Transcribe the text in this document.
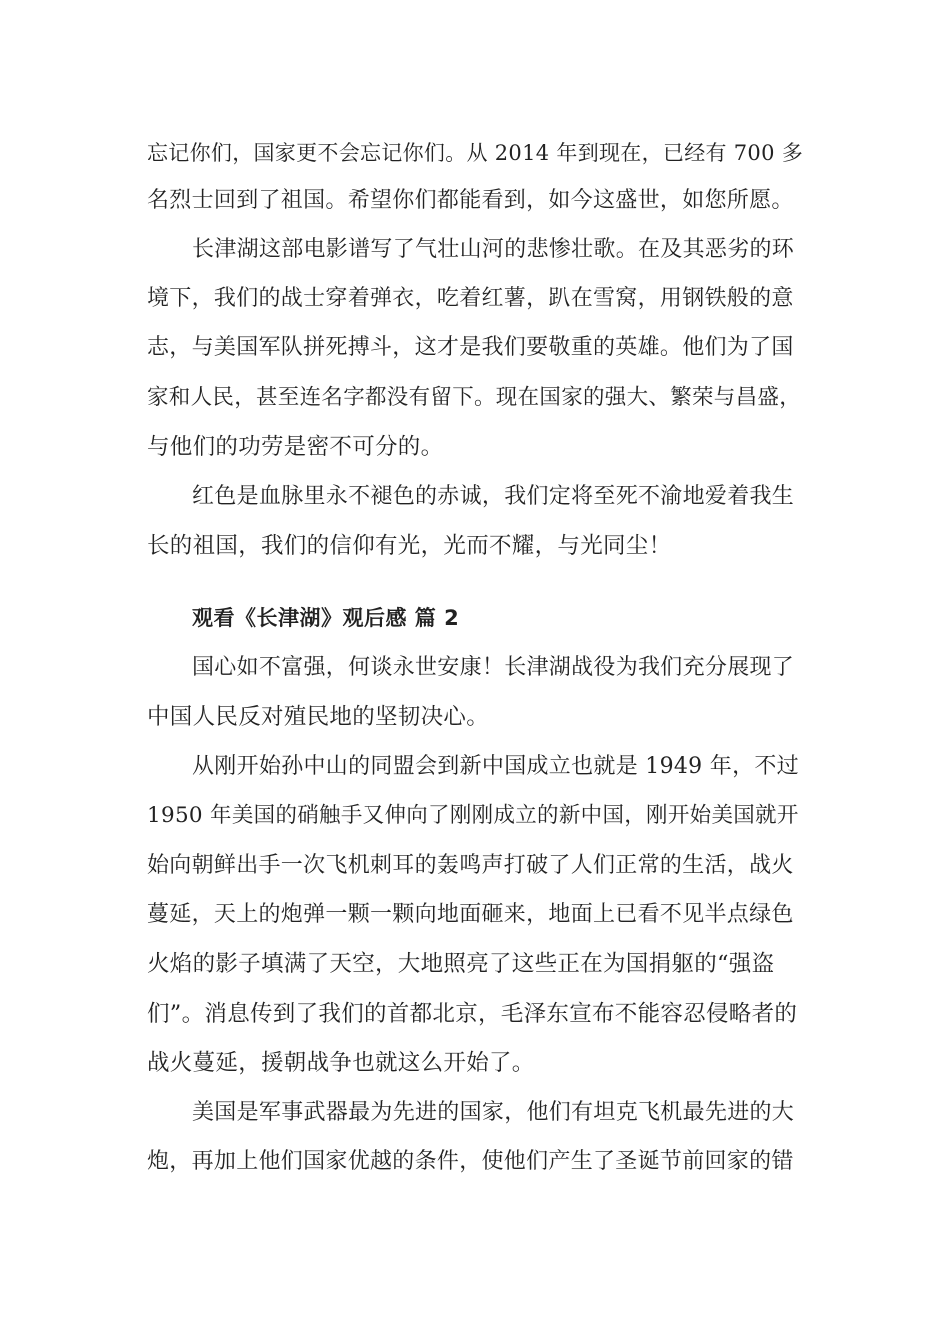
忘记你们，国家更不会忘记你们。从 2014 年到现在，已经有 700 多
名烈士回到了祖国。希望你们都能看到，如今这盛世，如您所愿。
长津湖这部电影谱写了气壮山河的悲惨壮歌。在及其恶劣的环
境下，我们的战士穿着弹衣，吃着红薯，趴在雪窝，用钢铁般的意
志，与美国军队拼死搏斗，这才是我们要敬重的英雄。他们为了国
家和人民，甚至连名字都没有留下。现在国家的强大、繁荣与昌盛，
与他们的功劳是密不可分的。
红色是血脉里永不褪色的赤诚，我们定将至死不渝地爱着我生
长的祖国，我们的信仰有光，光而不耀，与光同尘！
观看《长津湖》观后感 篇 2
国心如不富强，何谈永世安康！长津湖战役为我们充分展现了
中国人民反对殖民地的坚韧决心。
从刚开始孙中山的同盟会到新中国成立也就是 1949 年，不过
1950 年美国的硝触手又伸向了刚刚成立的新中国，刚开始美国就开
始向朝鲜出手一次飞机刺耳的轰鸣声打破了人们正常的生活，战火
蔓延，天上的炮弹一颗一颗向地面砸来，地面上已看不见半点绿色
火焰的影子填满了天空，大地照亮了这些正在为国捐躯的“强盗
们”。消息传到了我们的首都北京，毛泽东宣布不能容忍侵略者的
战火蔓延，援朝战争也就这么开始了。
美国是军事武器最为先进的国家，他们有坦克飞机最先进的大
炮，再加上他们国家优越的条件，使他们产生了圣诞节前回家的错
